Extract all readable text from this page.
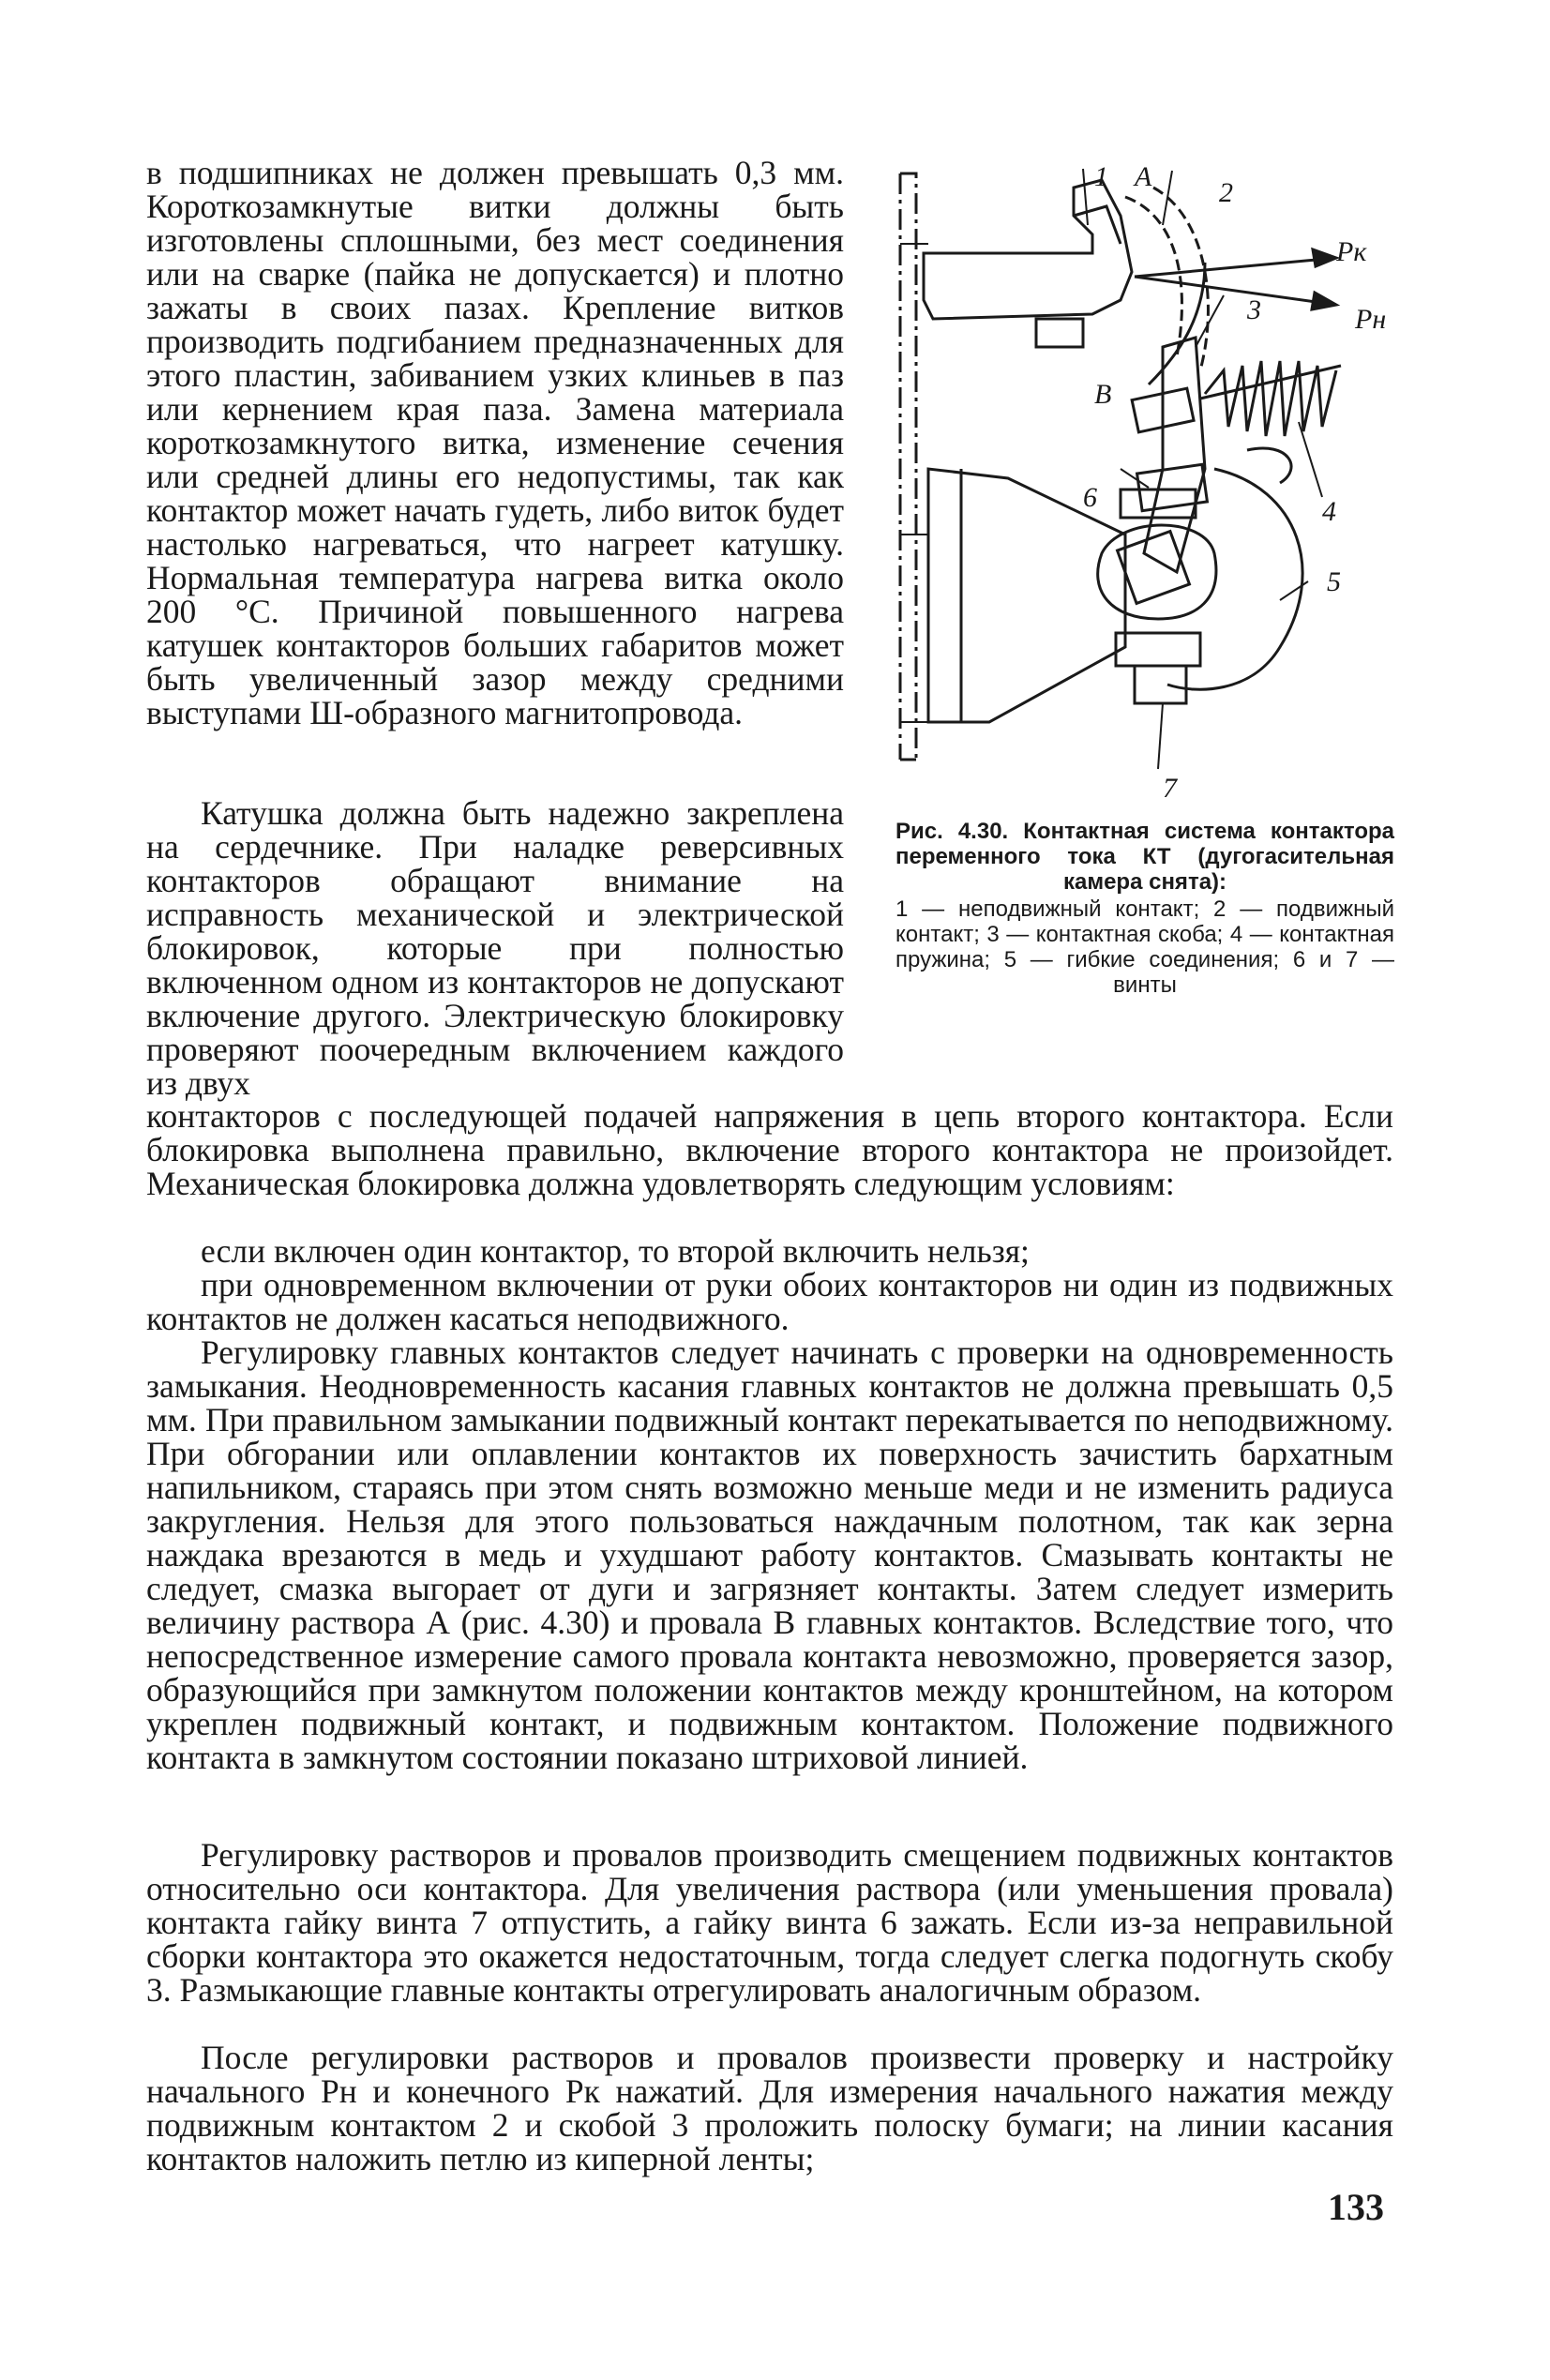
в подшипниках не должен превышать 0,3 мм. Короткозамкнутые витки должны быть изготовлены сплошными, без мест соединения или на сварке (пайка не допускается) и плотно зажаты в своих пазах. Крепление витков производить подгибанием предназначенных для этого пластин, забиванием узких клиньев в паз или кернением края паза. Замена материала короткозамкнутого витка, изменение сечения или средней длины его недопустимы, так как контактор может начать гудеть, либо виток будет настолько нагреваться, что нагреет катушку. Нормальная температура нагрева витка около 200 °С. Причиной повышенного нагрева катушек контакторов больших габаритов может быть увеличенный зазор между средними выступами Ш-образного магнитопровода.

Катушка должна быть надежно закреплена на сердечнике. При наладке реверсивных контакторов обращают внимание на исправность механической и электрической блокировок, которые при полностью включенном одном из контакторов не допускают включение другого. Электрическую блокировку проверяют поочередным включением каждого из двух

контакторов с последующей подачей напряжения в цепь второго контактора. Если блокировка выполнена правильно, включение второго контактора не произойдет. Механическая блокировка должна удовлетворять следующим условиям:

если включен один контактор, то второй включить нельзя;

при одновременном включении от руки обоих контакторов ни один из подвижных контактов не должен касаться неподвижного.

Регулировку главных контактов следует начинать с проверки на одновременность замыкания. Неодновременность касания главных контактов не должна превышать 0,5 мм. При правильном замыкании подвижный контакт перекатывается по неподвижному. При обгорании или оплавлении контактов их поверхность зачистить бархатным напильником, стараясь при этом снять возможно меньше меди и не изменить радиуса закругления. Нельзя для этого пользоваться наждачным полотном, так как зерна наждака врезаются в медь и ухудшают работу контактов. Смазывать контакты не следует, смазка выгорает от дуги и загрязняет контакты. Затем следует измерить величину раствора А (рис. 4.30) и провала В главных контактов. Вследствие того, что непосредственное измерение самого провала контакта невозможно, проверяется зазор, образующийся при замкнутом положении контактов между кронштейном, на котором укреплен подвижный контакт, и подвижным контактом. Положение подвижного контакта в замкнутом состоянии показано штриховой линией.

Регулировку растворов и провалов производить смещением подвижных контактов относительно оси контактора. Для увеличения раствора (или уменьшения провала) контакта гайку винта 7 отпустить, а гайку винта 6 зажать. Если из-за неправильной сборки контактора это окажется недостаточным, тогда следует слегка подогнуть скобу 3. Размыкающие главные контакты отрегулировать аналогичным образом.

После регулировки растворов и провалов произвести проверку и настройку начального Рн и конечного Рк нажатий. Для измерения начального нажатия между подвижным контактом 2 и скобой 3 проложить полоску бумаги; на линии касания контактов наложить петлю из киперной ленты;

1 А
2
Pк
Pн
3
В
6	4
5
7
Рис. 4.30. Контактная система контактора переменного тока КТ (дугогасительная камера снята):
1 — неподвижный контакт; 2 — подвижный контакт; 3 — контактная скоба; 4 — контактная пружина; 5 — гибкие соединения; 6 и 7 — винты
133
